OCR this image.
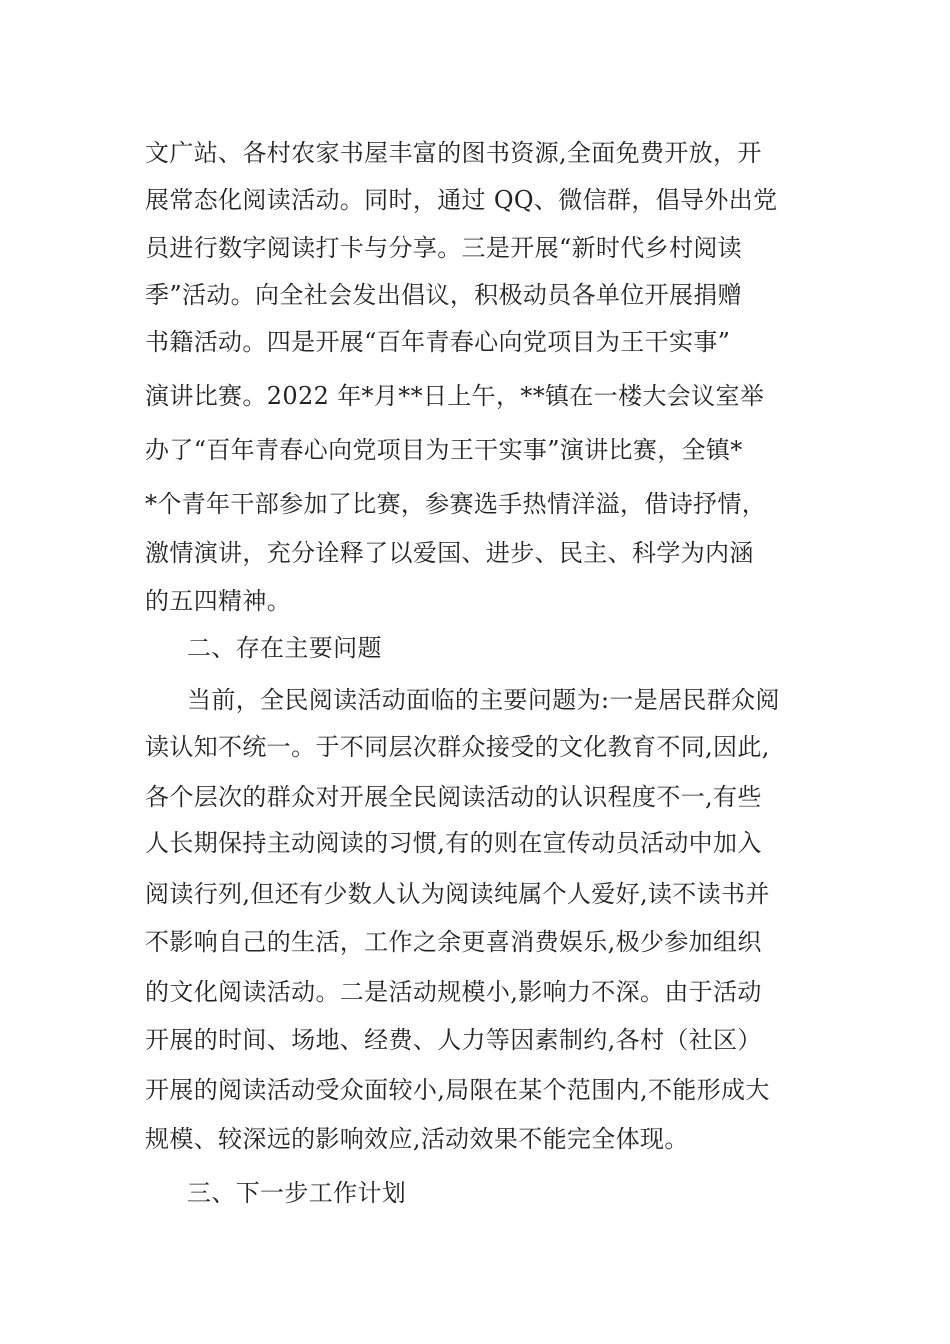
文广站、各村农家书屋丰富的图书资源,全面免费开放，开
展常态化阅读活动。同时，通过 QQ、微信群，倡导外出党
员进行数字阅读打卡与分享。三是开展“新时代乡村阅读
季”活动。向全社会发出倡议，积极动员各单位开展捐赠
书籍活动。四是开展“百年青春心向党项目为王干实事”
演讲比赛。2022 年*月**日上午，**镇在一楼大会议室举
办了“百年青春心向党项目为王干实事”演讲比赛，全镇*
*个青年干部参加了比赛，参赛选手热情洋溢，借诗抒情，
激情演讲，充分诠释了以爱国、进步、民主、科学为内涵
的五四精神。
二、存在主要问题
当前，全民阅读活动面临的主要问题为:一是居民群众阅
读认知不统一。于不同层次群众接受的文化教育不同,因此,
各个层次的群众对开展全民阅读活动的认识程度不一,有些
人长期保持主动阅读的习惯,有的则在宣传动员活动中加入
阅读行列,但还有少数人认为阅读纯属个人爱好,读不读书并
不影响自己的生活，工作之余更喜消费娱乐,极少参加组织
的文化阅读活动。二是活动规模小,影响力不深。由于活动
开展的时间、场地、经费、人力等因素制约,各村（社区）
开展的阅读活动受众面较小,局限在某个范围内,不能形成大
规模、较深远的影响效应,活动效果不能完全体现。
三、下一步工作计划
